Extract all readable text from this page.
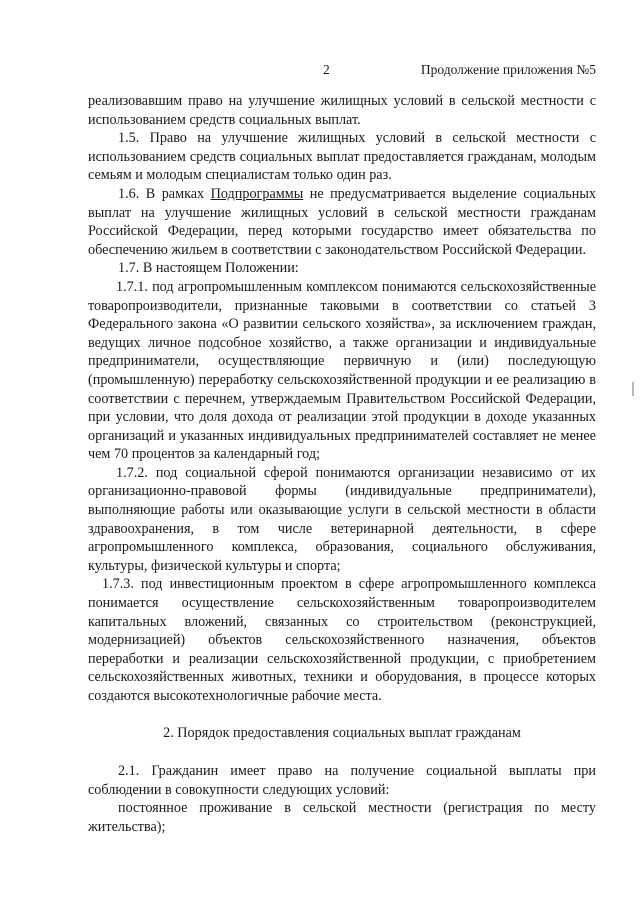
2	Продолжение приложения №5

реализовавшим право на улучшение жилищных условий в сельской местности с использованием средств социальных выплат.

1.5. Право на улучшение жилищных условий в сельской местности с использованием средств социальных выплат предоставляется гражданам, молодым семьям и молодым специалистам только один раз.

1.6. В рамках Подпрограммы не предусматривается выделение социальных выплат на улучшение жилищных условий в сельской местности гражданам Российской Федерации, перед которыми государство имеет обязательства по обеспечению жильем в соответствии с законодательством Российской Федерации.

1.7. В настоящем Положении:

1.7.1. под агропромышленным комплексом понимаются сельскохозяйственные товаропроизводители, признанные таковыми в соответствии со статьей 3 Федерального закона «О развитии сельского хозяйства», за исключением граждан, ведущих личное подсобное хозяйство, а также организации и индивидуальные предприниматели, осуществляющие первичную и (или) последующую (промышленную) переработку сельскохозяйственной продукции и ее реализацию в соответствии с перечнем, утверждаемым Правительством Российской Федерации, при условии, что доля дохода от реализации этой продукции в доходе указанных организаций и указанных индивидуальных предпринимателей составляет не менее чем 70 процентов за календарный год;

1.7.2. под социальной сферой понимаются организации независимо от их организационно-правовой формы (индивидуальные предприниматели), выполняющие работы или оказывающие услуги в сельской местности в области здравоохранения, в том числе ветеринарной деятельности, в сфере агропромышленного комплекса, образования, социального обслуживания, культуры, физической культуры и спорта;

1.7.3. под инвестиционным проектом в сфере агропромышленного комплекса понимается осуществление сельскохозяйственным товаропроизводителем капитальных вложений, связанных со строительством (реконструкцией, модернизацией) объектов сельскохозяйственного назначения, объектов переработки и реализации сельскохозяйственной продукции, с приобретением сельскохозяйственных животных, техники и оборудования, в процессе которых создаются высокотехнологичные рабочие места.

2. Порядок предоставления социальных выплат гражданам

2.1. Гражданин имеет право на получение социальной выплаты при соблюдении в совокупности следующих условий:

постоянное проживание в сельской местности (регистрация по месту жительства);
